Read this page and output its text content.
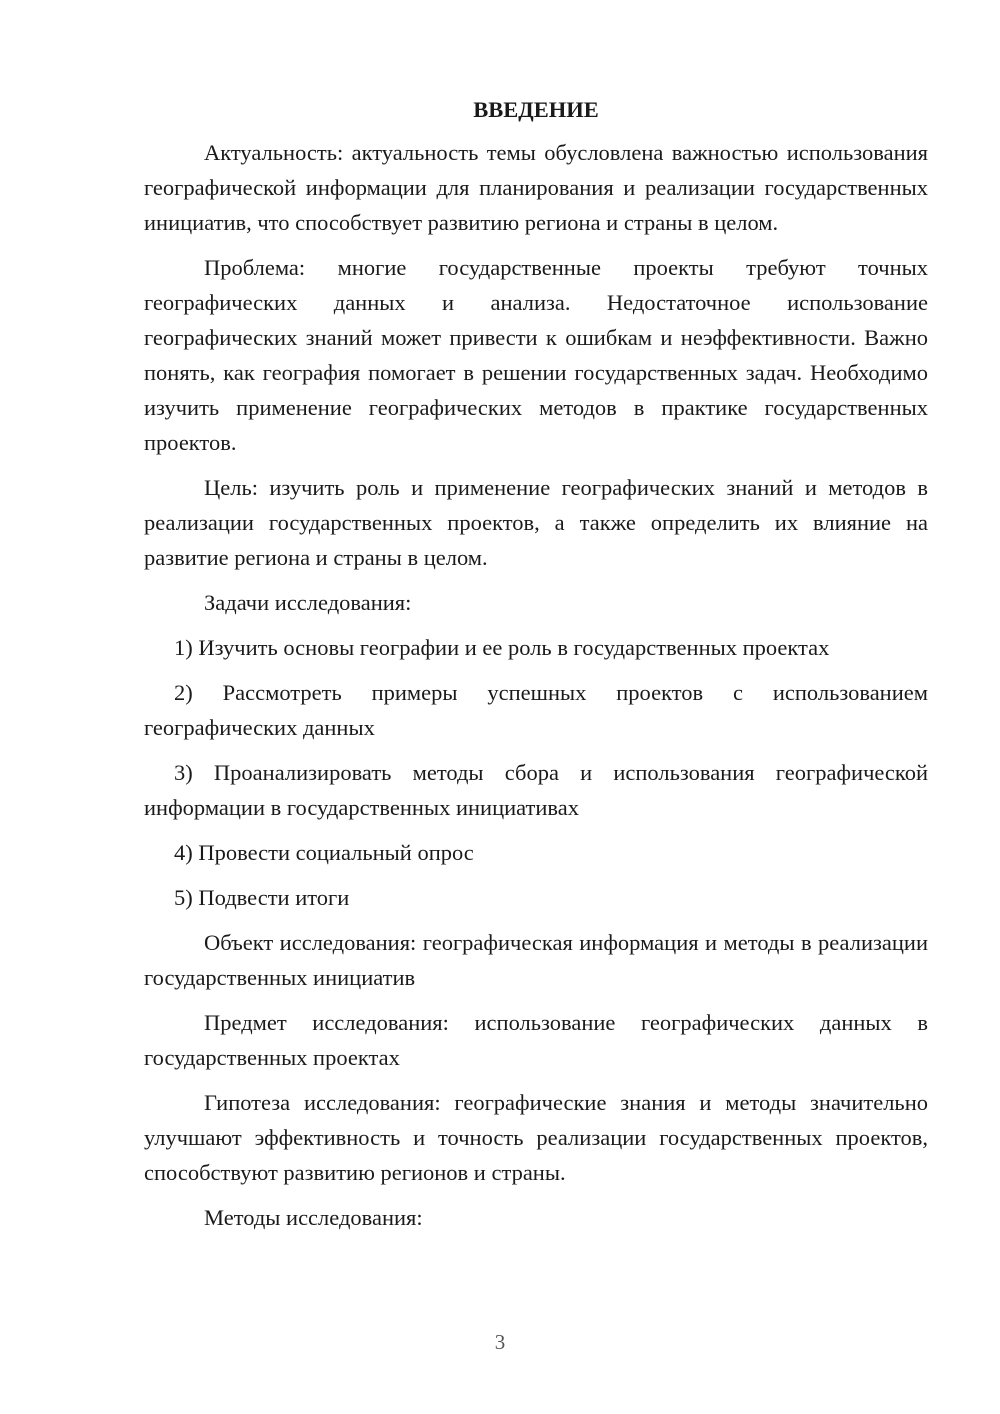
ВВЕДЕНИЕ

Актуальность: актуальность темы обусловлена важностью использования географической информации для планирования и реализации государственных инициатив, что способствует развитию региона и страны в целом.

Проблема: многие государственные проекты требуют точных географических данных и анализа. Недостаточное использование географических знаний может привести к ошибкам и неэффективности. Важно понять, как география помогает в решении государственных задач. Необходимо изучить применение географических методов в практике государственных проектов.

Цель: изучить роль и применение географических знаний и методов в реализации государственных проектов, а также определить их влияние на развитие региона и страны в целом.

Задачи исследования:

1) Изучить основы географии и ее роль в государственных проектах

2) Рассмотреть примеры успешных проектов с использованием географических данных

3) Проанализировать методы сбора и использования географической информации в государственных инициативах

4) Провести социальный опрос

5) Подвести итоги

Объект исследования: географическая информация и методы в реализации государственных инициатив

Предмет исследования: использование географических данных в государственных проектах

Гипотеза исследования: географические знания и методы значительно улучшают эффективность и точность реализации государственных проектов, способствуют развитию регионов и страны.

Методы исследования:

3
